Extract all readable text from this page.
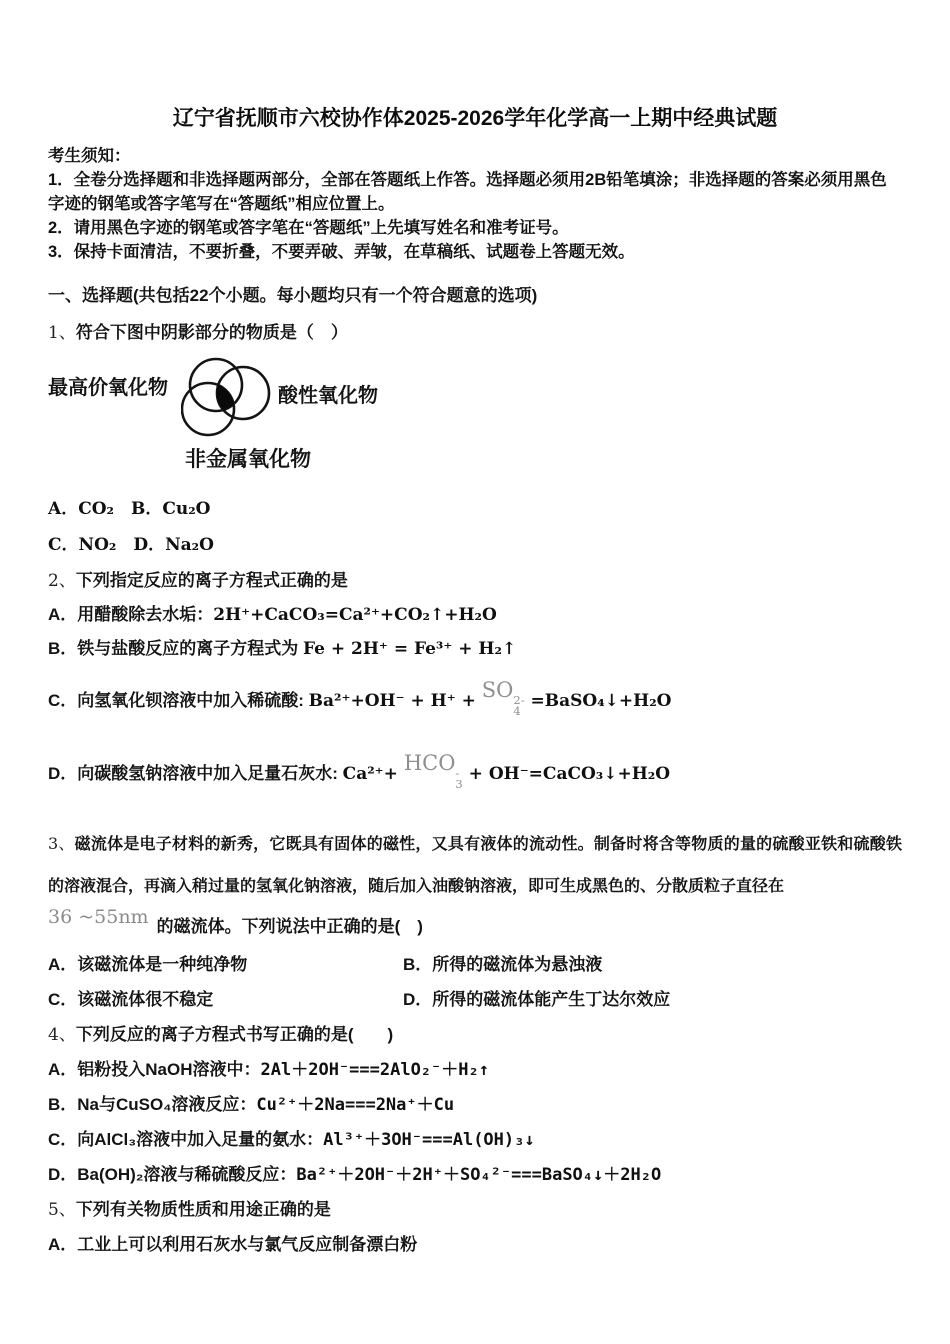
辽宁省抚顺市六校协作体2025-2026学年化学高一上期中经典试题
考生须知：
1．全卷分选择题和非选择题两部分，全部在答题纸上作答。选择题必须用2B铅笔填涂；非选择题的答案必须用黑色字迹的钢笔或答字笔写在“答题纸”相应位置上。
2．请用黑色字迹的钢笔或答字笔在“答题纸”上先填写姓名和准考证号。
3．保持卡面清洁，不要折叠，不要弄破、弄皱，在草稿纸、试题卷上答题无效。
一、选择题(共包括22个小题。每小题均只有一个符合题意的选项)
1、符合下图中阴影部分的物质是（　）
最高价氧化物	酸性氧化物
非金属氧化物
A．CO₂　B．Cu₂O
C．NO₂　D．Na₂O
2、下列指定反应的离子方程式正确的是
A．用醋酸除去水垢：2H⁺+CaCO₃=Ca²⁺+CO₂↑+H₂O
B．铁与盐酸反应的离子方程式为 Fe + 2H⁺ = Fe³⁺ + H₂↑
C．向氢氧化钡溶液中加入稀硫酸: Ba²⁺+OH⁻ + H⁺ + SO 2-
4 =BaSO₄↓+H₂O
D．向碳酸氢钠溶液中加入足量石灰水: Ca²⁺+ HCO -
3 + OH⁻=CaCO₃↓+H₂O
3、磁流体是电子材料的新秀，它既具有固体的磁性，又具有液体的流动性。制备时将含等物质的量的硫酸亚铁和硫酸铁的溶液混合，再滴入稍过量的氢氧化钠溶液，随后加入油酸钠溶液，即可生成黑色的、分散质粒子直径在
36 ~55nm 的磁流体。下列说法中正确的是(　)
A．该磁流体是一种纯净物	B．所得的磁流体为悬浊液
C．该磁流体很不稳定	D．所得的磁流体能产生丁达尔效应
4、下列反应的离子方程式书写正确的是(　　)
A．铝粉投入NaOH溶液中：2Al＋2OH⁻===2AlO₂⁻＋H₂↑
B．Na与CuSO₄溶液反应：Cu²⁺＋2Na===2Na⁺＋Cu
C．向AlCl₃溶液中加入足量的氨水：Al³⁺＋3OH⁻===Al(OH)₃↓
D．Ba(OH)₂溶液与稀硫酸反应：Ba²⁺＋2OH⁻＋2H⁺＋SO₄²⁻===BaSO₄↓＋2H₂O
5、下列有关物质性质和用途正确的是
A．工业上可以利用石灰水与氯气反应制备漂白粉
